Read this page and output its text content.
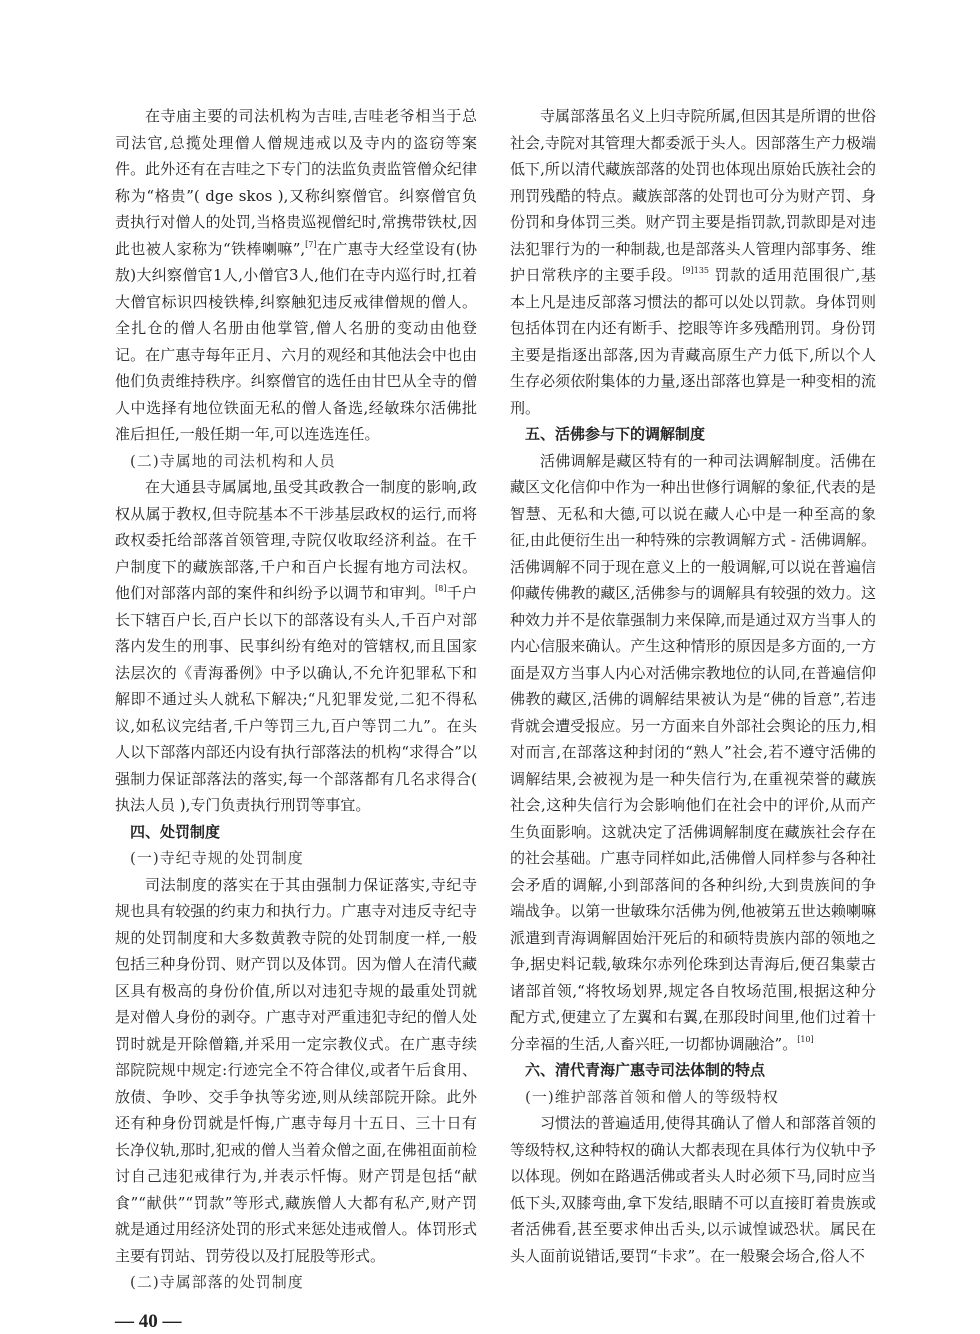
在寺庙主要的司法机构为吉哇,吉哇老爷相当于总司法官,总揽处理僧人僧规违戒以及寺内的盗窃等案件。此外还有在吉哇之下专门的法监负责监管僧众纪律称为“格贵”( dge skos ),又称纠察僧官。纠察僧官负责执行对僧人的处罚,当格贵巡视僧纪时,常携带铁杖,因此也被人家称为“铁棒喇嘛”,[7]在广惠寺大经堂设有(协敖)大纠察僧官1人,小僧官3人,他们在寺内巡行时,扛着大僧官标识四棱铁棒,纠察触犯违反戒律僧规的僧人。全扎仓的僧人名册由他掌管,僧人名册的变动由他登记。在广惠寺每年正月、六月的观经和其他法会中也由他们负责维持秩序。纠察僧官的选任由甘巴从全寺的僧人中选择有地位铁面无私的僧人备选,经敏珠尔活佛批准后担任,一般任期一年,可以连选连任。

(二)寺属地的司法机构和人员

在大通县寺属属地,虽受其政教合一制度的影响,政权从属于教权,但寺院基本不干涉基层政权的运行,而将政权委托给部落首领管理,寺院仅收取经济利益。在千户制度下的藏族部落,千户和百户长握有地方司法权。他们对部落内部的案件和纠纷予以调节和审判。[8]千户长下辖百户长,百户长以下的部落设有头人,千百户对部落内发生的刑事、民事纠纷有绝对的管辖权,而且国家法层次的《青海番例》中予以确认,不允许犯罪私下和解即不通过头人就私下解决;“凡犯罪发觉,二犯不得私议,如私议完结者,千户等罚三九,百户等罚二九”。在头人以下部落内部还内设有执行部落法的机构“求得合”以强制力保证部落法的落实,每一个部落都有几名求得合( 执法人员 ),专门负责执行刑罚等事宜。

四、处罚制度

(一)寺纪寺规的处罚制度

司法制度的落实在于其由强制力保证落实,寺纪寺规也具有较强的约束力和执行力。广惠寺对违反寺纪寺规的处罚制度和大多数黄教寺院的处罚制度一样,一般包括三种身份罚、财产罚以及体罚。因为僧人在清代藏区具有极高的身份价值,所以对违犯寺规的最重处罚就是对僧人身份的剥夺。广惠寺对严重违犯寺纪的僧人处罚时就是开除僧籍,并采用一定宗教仪式。在广惠寺续部院院规中规定:行迹完全不符合律仪,或者午后食用、放债、争吵、交手争执等劣迹,则从续部院开除。此外还有种身份罚就是忏悔,广惠寺每月十五日、三十日有长净仪轨,那时,犯戒的僧人当着众僧之面,在佛祖面前检讨自己违犯戒律行为,并表示忏悔。财产罚是包括“献食”“献供”“罚款”等形式,藏族僧人大都有私产,财产罚就是通过用经济处罚的形式来惩处违戒僧人。体罚形式主要有罚站、罚劳役以及打屁股等形式。

(二)寺属部落的处罚制度

— 40 —

寺属部落虽名义上归寺院所属,但因其是所谓的世俗社会,寺院对其管理大都委派于头人。因部落生产力极端低下,所以清代藏族部落的处罚也体现出原始氏族社会的刑罚残酷的特点。藏族部落的处罚也可分为财产罚、身份罚和身体罚三类。财产罚主要是指罚款,罚款即是对违法犯罪行为的一种制裁,也是部落头人管理内部事务、维护日常秩序的主要手段。$^{[9]135}$ 罚款的适用范围很广,基本上凡是违反部落习惯法的都可以处以罚款。身体罚则包括体罚在内还有断手、挖眼等许多残酷刑罚。身份罚主要是指逐出部落,因为青藏高原生产力低下,所以个人生存必须依附集体的力量,逐出部落也算是一种变相的流刑。

五、活佛参与下的调解制度

活佛调解是藏区特有的一种司法调解制度。活佛在藏区文化信仰中作为一种出世修行调解的象征,代表的是智慧、无私和大德,可以说在藏人心中是一种至高的象征,由此便衍生出一种特殊的宗教调解方式 - 活佛调解。活佛调解不同于现在意义上的一般调解,可以说在普遍信仰藏传佛教的藏区,活佛参与的调解具有较强的效力。这种效力并不是依靠强制力来保障,而是通过双方当事人的内心信服来确认。产生这种情形的原因是多方面的,一方面是双方当事人内心对活佛宗教地位的认同,在普遍信仰佛教的藏区,活佛的调解结果被认为是“佛的旨意”,若违背就会遭受报应。另一方面来自外部社会舆论的压力,相对而言,在部落这种封闭的“熟人”社会,若不遵守活佛的调解结果,会被视为是一种失信行为,在重视荣誉的藏族社会,这种失信行为会影响他们在社会中的评价,从而产生负面影响。这就决定了活佛调解制度在藏族社会存在的社会基础。广惠寺同样如此,活佛僧人同样参与各种社会矛盾的调解,小到部落间的各种纠纷,大到贵族间的争端战争。以第一世敏珠尔活佛为例,他被第五世达赖喇嘛派遣到青海调解固始汗死后的和硕特贵族内部的领地之争,据史料记载,敏珠尔赤列伦珠到达青海后,便召集蒙古诸部首领,“将牧场划界,规定各自牧场范围,根据这种分配方式,便建立了左翼和右翼,在那段时间里,他们过着十分幸福的生活,人畜兴旺,一切都协调融洽”。[10]

六、清代青海广惠寺司法体制的特点

(一)维护部落首领和僧人的等级特权

习惯法的普遍适用,使得其确认了僧人和部落首领的等级特权,这种特权的确认大都表现在具体行为仪轨中予以体现。例如在路遇活佛或者头人时必须下马,同时应当低下头,双膝弯曲,拿下发结,眼睛不可以直接盯着贵族或者活佛看,甚至要求伸出舌头,以示诚惶诚恐状。属民在头人面前说错话,要罚“卡求”。在一般聚会场合,俗人不
